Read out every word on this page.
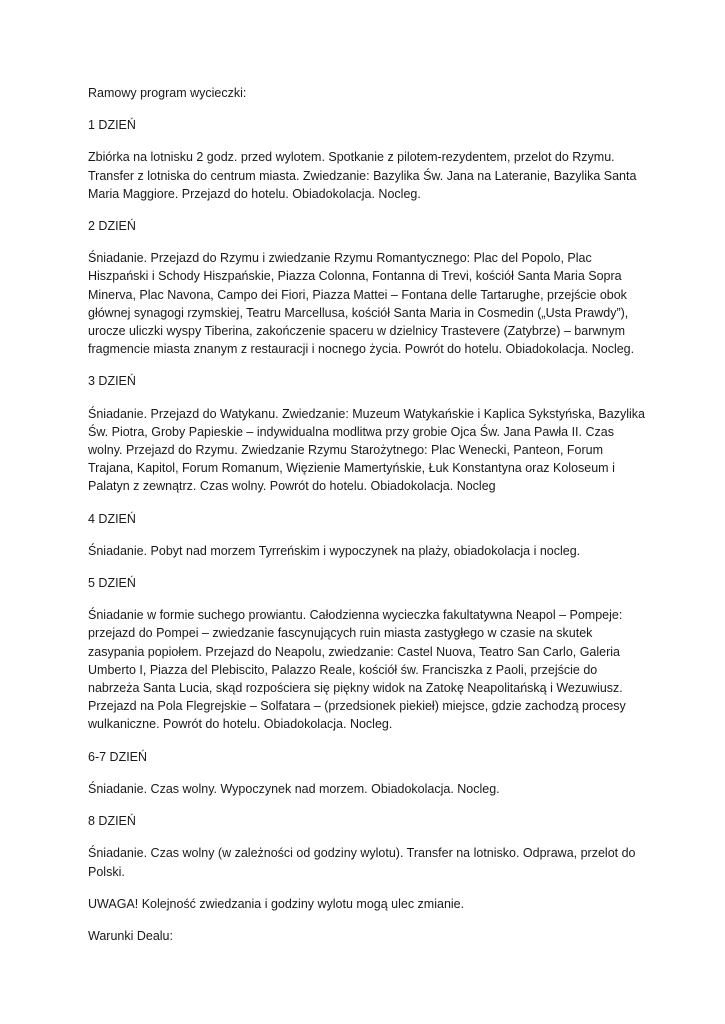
Ramowy program wycieczki:

1 DZIEŃ

Zbiórka na lotnisku 2 godz. przed wylotem. Spotkanie z pilotem-rezydentem, przelot do Rzymu. Transfer z lotniska do centrum miasta. Zwiedzanie: Bazylika Św. Jana na Lateranie, Bazylika Santa Maria Maggiore. Przejazd do hotelu. Obiadokolacja. Nocleg.

2 DZIEŃ

Śniadanie. Przejazd do Rzymu i zwiedzanie Rzymu Romantycznego: Plac del Popolo, Plac Hiszpański i Schody Hiszpańskie, Piazza Colonna, Fontanna di Trevi, kościół Santa Maria Sopra Minerva, Plac Navona, Campo dei Fiori, Piazza Mattei – Fontana delle Tartarughe, przejście obok głównej synagogi rzymskiej, Teatru Marcellusa, kościół Santa Maria in Cosmedin („Usta Prawdy”), urocze uliczki wyspy Tiberina, zakończenie spaceru w dzielnicy Trastevere (Zatybrze) – barwnym fragmencie miasta znanym z restauracji i nocnego życia. Powrót do hotelu. Obiadokolacja. Nocleg.

3 DZIEŃ

Śniadanie. Przejazd do Watykanu. Zwiedzanie: Muzeum Watykańskie i Kaplica Sykstyńska, Bazylika Św. Piotra, Groby Papieskie – indywidualna modlitwa przy grobie Ojca Św. Jana Pawła II. Czas wolny. Przejazd do Rzymu. Zwiedzanie Rzymu Starożytnego: Plac Wenecki, Panteon, Forum Trajana, Kapitol, Forum Romanum, Więzienie Mamertyńskie, Łuk Konstantyna oraz Koloseum i Palatyn z zewnątrz. Czas wolny. Powrót do hotelu. Obiadokolacja. Nocleg

4 DZIEŃ

Śniadanie. Pobyt nad morzem Tyrreńskim i wypoczynek na plaży, obiadokolacja i nocleg.

5 DZIEŃ

Śniadanie w formie suchego prowiantu. Całodzienna wycieczka fakultatywna Neapol – Pompeje: przejazd do Pompei – zwiedzanie fascynujących ruin miasta zastygłego w czasie na skutek zasypania popiołem. Przejazd do Neapolu, zwiedzanie: Castel Nuova, Teatro San Carlo, Galeria Umberto I, Piazza del Plebiscito, Palazzo Reale, kościół św. Franciszka z Paoli, przejście do nabrzeża Santa Lucia, skąd rozpościera się piękny widok na Zatokę Neapolitańską i Wezuwiusz. Przejazd na Pola Flegrejskie – Solfatara – (przedsionek piekieł) miejsce, gdzie zachodzą procesy wulkaniczne. Powrót do hotelu. Obiadokolacja. Nocleg.

6-7 DZIEŃ

Śniadanie. Czas wolny. Wypoczynek nad morzem. Obiadokolacja. Nocleg.

8 DZIEŃ

Śniadanie. Czas wolny (w zależności od godziny wylotu). Transfer na lotnisko. Odprawa, przelot do Polski.

UWAGA! Kolejność zwiedzania i godziny wylotu mogą ulec zmianie.

Warunki Dealu:
